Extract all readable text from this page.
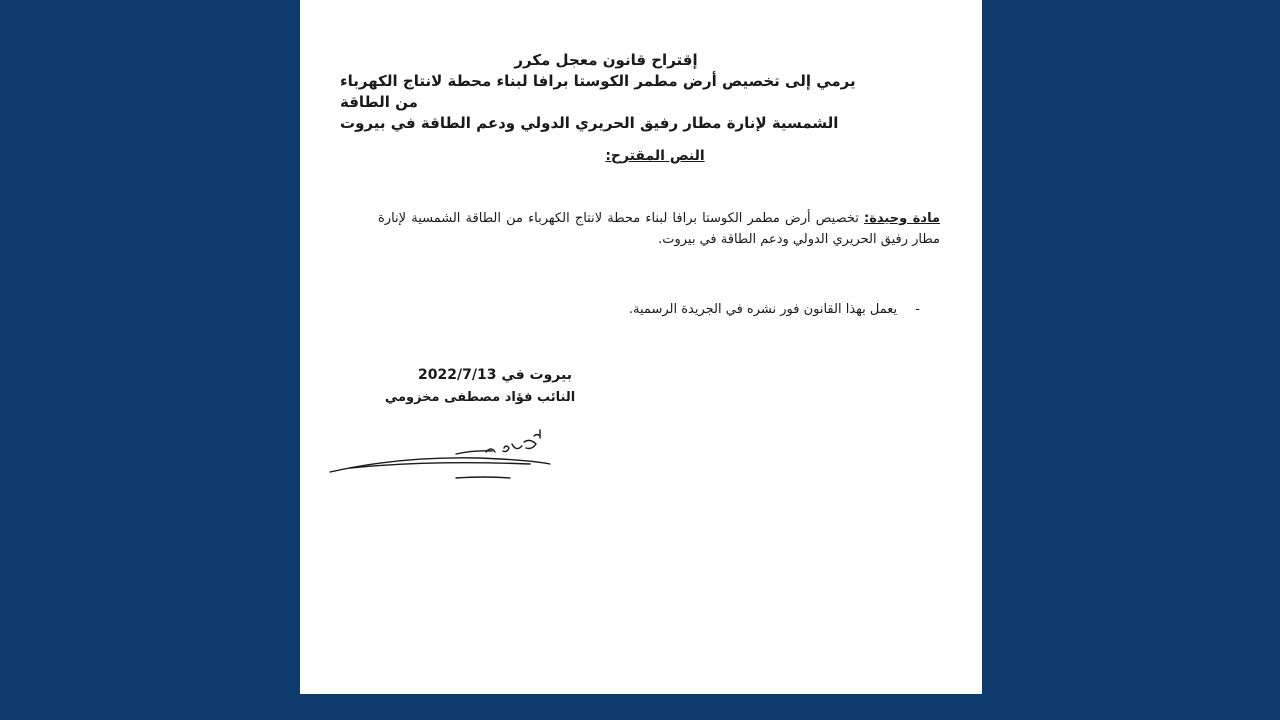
إقتراح قانون معجل مكرر
يرمي إلى تخصيص أرض مطمر الكوستا برافا لبناء محطة لانتاج الكهرباء من الطاقة
الشمسية لإنارة مطار رفيق الحريري الدولي ودعم الطاقة في بيروت
النص المقترح:
مادة وحيدة: تخصيص أرض مطمر الكوستا برافا لبناء محطة لانتاج الكهرباء من الطاقة الشمسية لإنارة مطار رفيق الحريري الدولي ودعم الطاقة في بيروت.
- يعمل بهذا القانون فور نشره في الجريدة الرسمية.
بيروت في 2022/7/13
النائب فؤاد مصطفى مخزومي
